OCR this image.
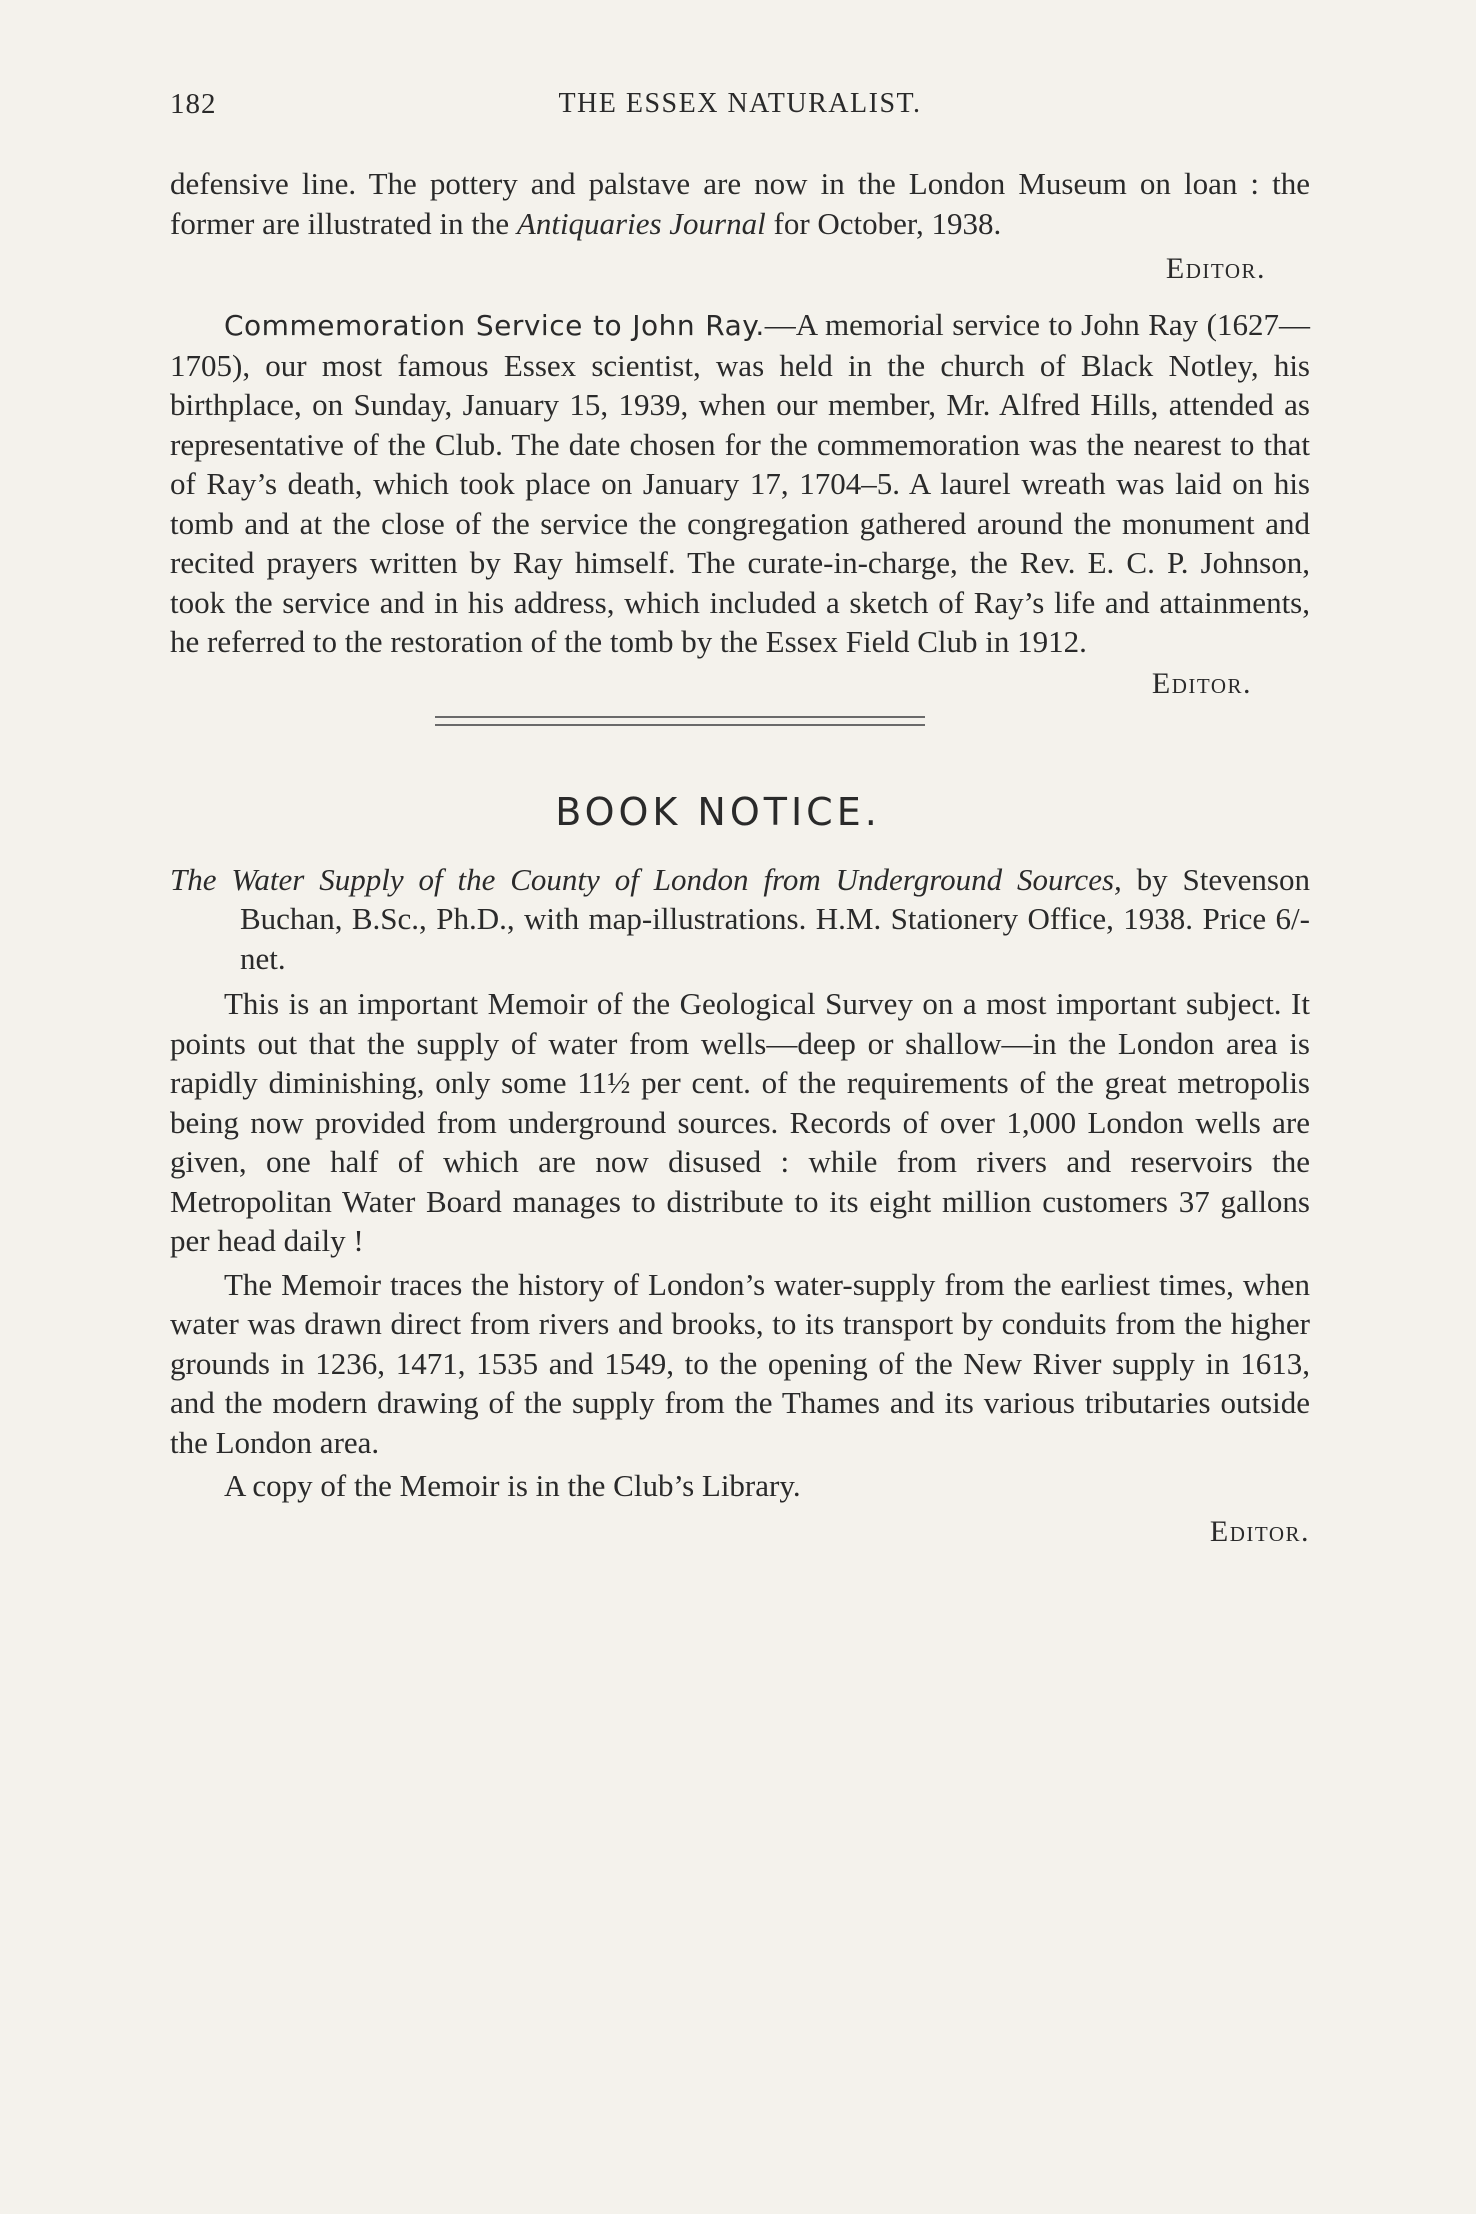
182	THE ESSEX NATURALIST.

defensive line. The pottery and palstave are now in the London Museum on loan : the former are illustrated in the Antiquaries Journal for October, 1938.

Editor.

Commemoration Service to John Ray.—A memorial service to John Ray (1627—1705), our most famous Essex scientist, was held in the church of Black Notley, his birthplace, on Sunday, January 15, 1939, when our member, Mr. Alfred Hills, attended as representative of the Club. The date chosen for the commemoration was the nearest to that of Ray’s death, which took place on January 17, 1704–5. A laurel wreath was laid on his tomb and at the close of the service the congregation gathered around the monument and recited prayers written by Ray himself. The curate-in-charge, the Rev. E. C. P. Johnson, took the service and in his address, which included a sketch of Ray’s life and attainments, he referred to the restoration of the tomb by the Essex Field Club in 1912.

Editor.
BOOK NOTICE.

The Water Supply of the County of London from Underground Sources, by Stevenson Buchan, B.Sc., Ph.D., with map-illustrations. H.M. Stationery Office, 1938. Price 6/- net.

This is an important Memoir of the Geological Survey on a most important subject. It points out that the supply of water from wells—deep or shallow—in the London area is rapidly diminishing, only some 11½ per cent. of the requirements of the great metropolis being now provided from underground sources. Records of over 1,000 London wells are given, one half of which are now disused : while from rivers and reservoirs the Metropolitan Water Board manages to distribute to its eight million customers 37 gallons per head daily !

The Memoir traces the history of London’s water-supply from the earliest times, when water was drawn direct from rivers and brooks, to its transport by conduits from the higher grounds in 1236, 1471, 1535 and 1549, to the opening of the New River supply in 1613, and the modern drawing of the supply from the Thames and its various tributaries outside the London area.

A copy of the Memoir is in the Club’s Library.

Editor.
